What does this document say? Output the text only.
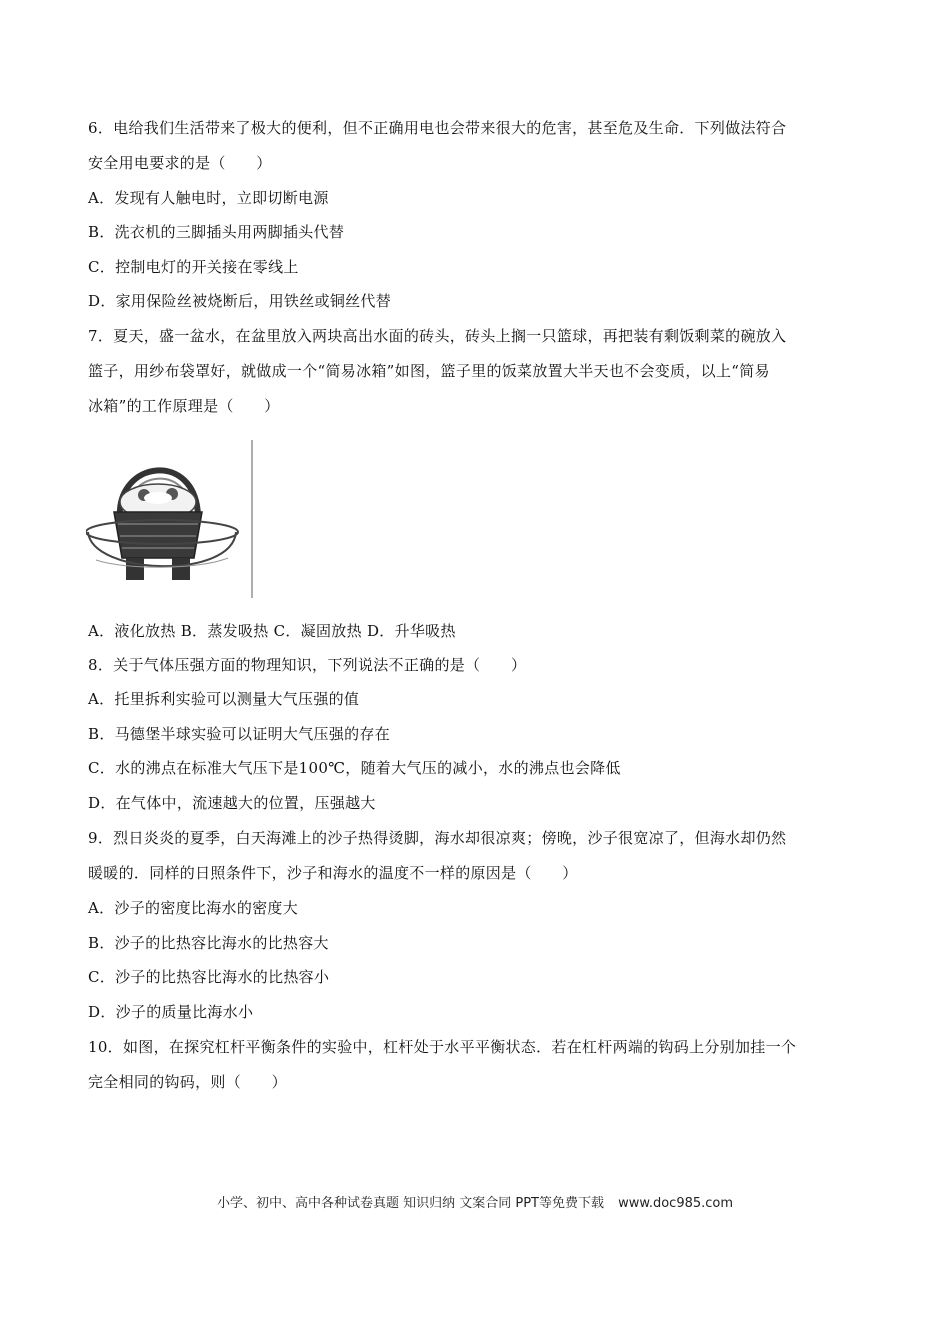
6．电给我们生活带来了极大的便利，但不正确用电也会带来很大的危害，甚至危及生命．下列做法符合
安全用电要求的是（　　）
A．发现有人触电时，立即切断电源
B．洗衣机的三脚插头用两脚插头代替
C．控制电灯的开关接在零线上
D．家用保险丝被烧断后，用铁丝或铜丝代替
7．夏天，盛一盆水，在盆里放入两块高出水面的砖头，砖头上搁一只篮球，再把装有剩饭剩菜的碗放入
篮子，用纱布袋罩好，就做成一个“简易冰箱”如图，篮子里的饭菜放置大半天也不会变质，以上“简易
冰箱”的工作原理是（　　）
A．液化放热 B．蒸发吸热 C．凝固放热 D．升华吸热
8．关于气体压强方面的物理知识，下列说法不正确的是（　　）
A．托里拆利实验可以测量大气压强的值
B．马德堡半球实验可以证明大气压强的存在
C．水的沸点在标准大气压下是100℃，随着大气压的减小，水的沸点也会降低
D．在气体中，流速越大的位置，压强越大
9．烈日炎炎的夏季，白天海滩上的沙子热得烫脚，海水却很凉爽；傍晚，沙子很宽凉了，但海水却仍然
暖暖的．同样的日照条件下，沙子和海水的温度不一样的原因是（　　）
A．沙子的密度比海水的密度大
B．沙子的比热容比海水的比热容大
C．沙子的比热容比海水的比热容小
D．沙子的质量比海水小
10．如图，在探究杠杆平衡条件的实验中，杠杆处于水平平衡状态．若在杠杆两端的钩码上分别加挂一个
完全相同的钩码，则（　　）
小学、初中、高中各种试卷真题 知识归纳 文案合同 PPT等免费下载 www.doc985.com
